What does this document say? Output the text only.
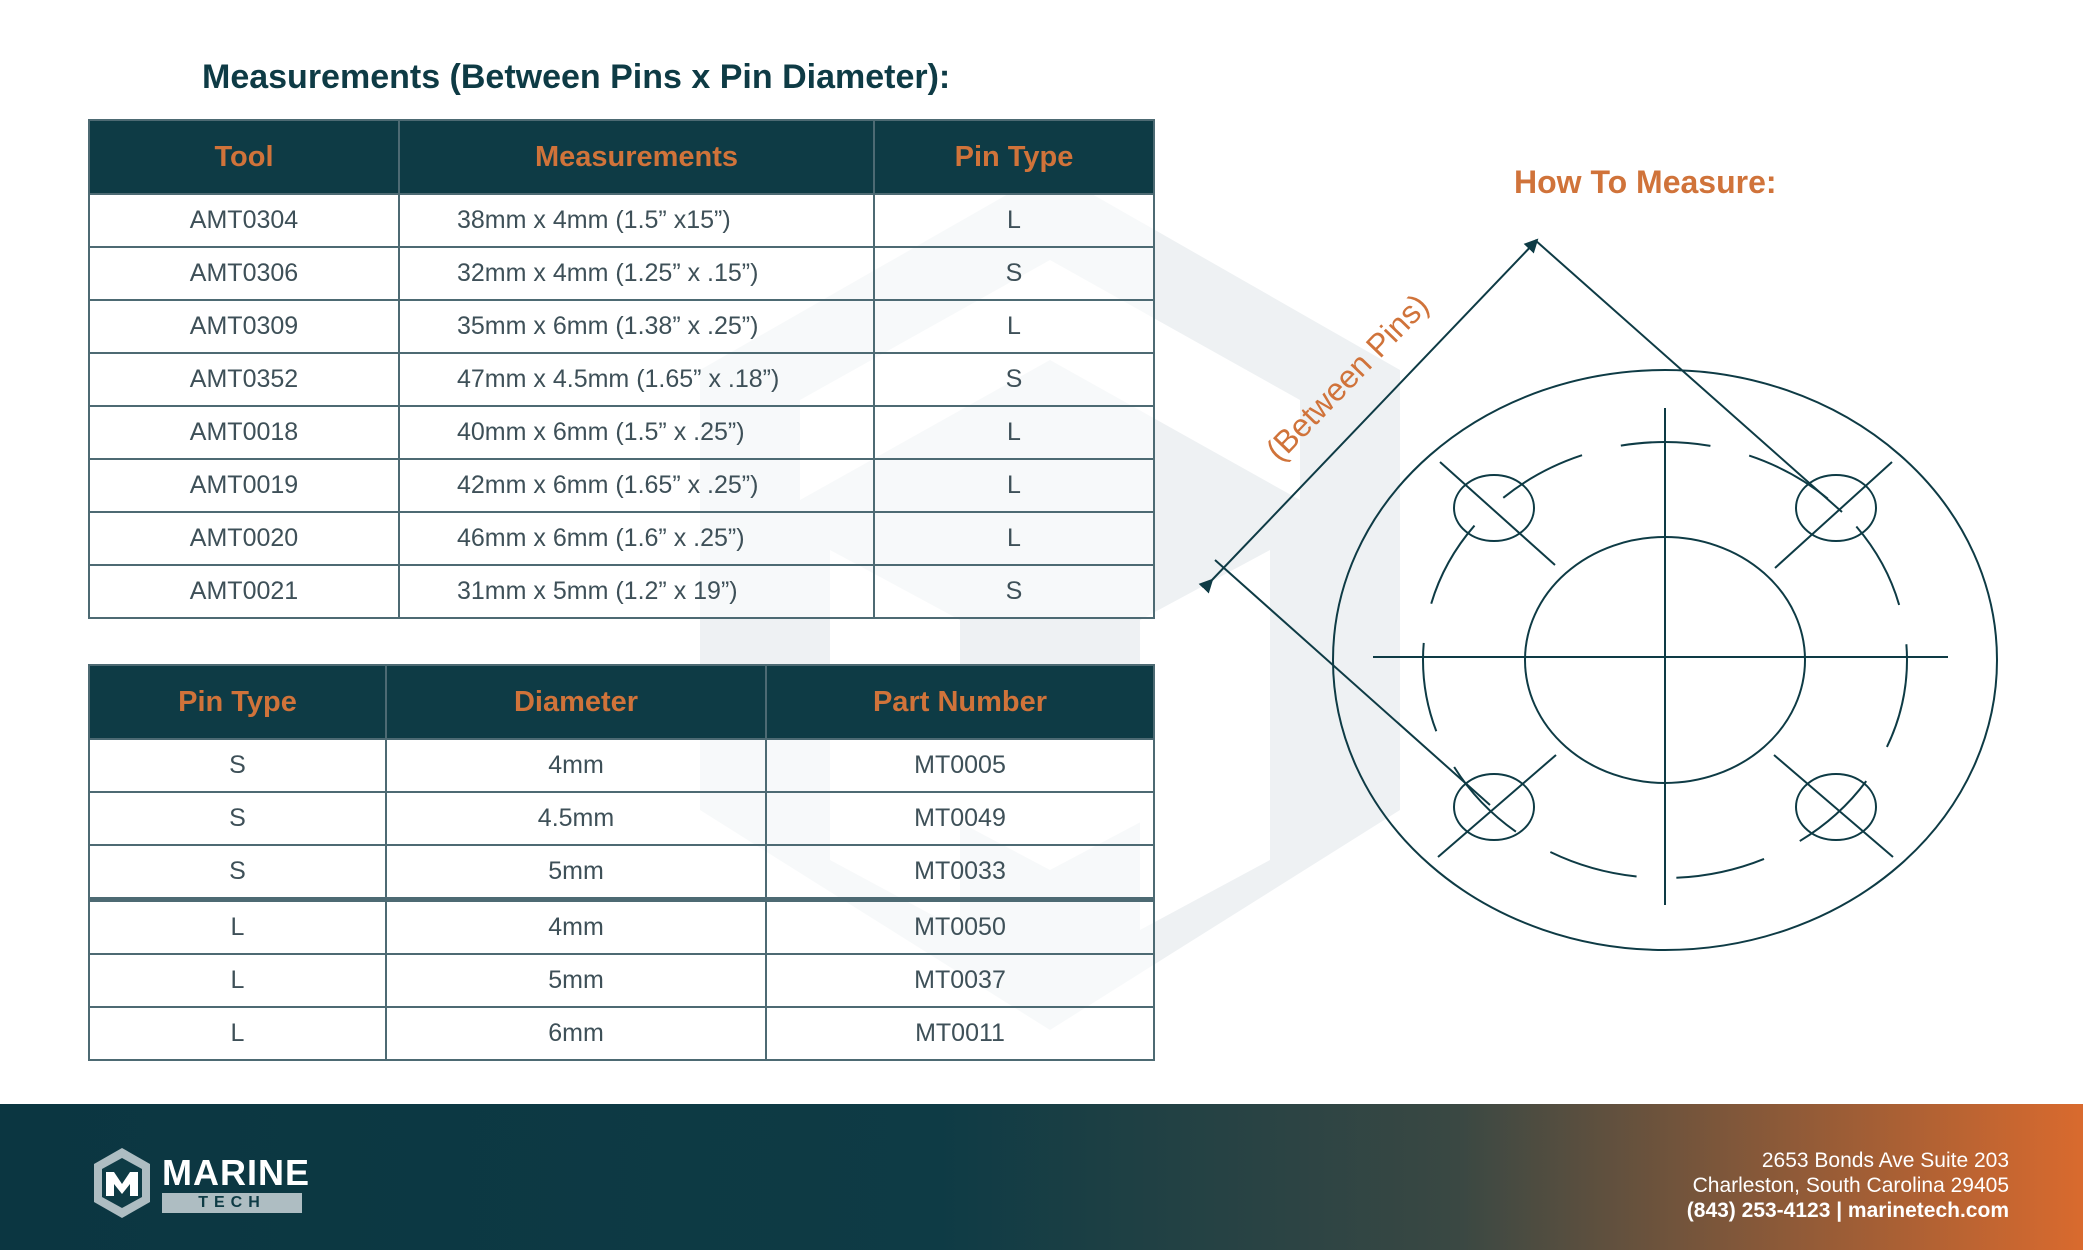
Measurements (Between Pins x Pin Diameter):
Tool	Measurements	Pin Type
AMT0304	38mm x 4mm (1.5” x15”)	L
AMT0306	32mm x 4mm (1.25” x .15”)	S
AMT0309	35mm x 6mm (1.38” x .25”)	L
AMT0352	47mm x 4.5mm (1.65” x .18”)	S
AMT0018	40mm x 6mm (1.5” x .25”)	L
AMT0019	42mm x 6mm (1.65” x .25”)	L
AMT0020	46mm x 6mm (1.6” x .25”)	L
AMT0021	31mm x 5mm (1.2” x 19”)	S
Pin Type	Diameter	Part Number
S	4mm	MT0005
S	4.5mm	MT0049
S	5mm	MT0033
L	4mm	MT0050
L	5mm	MT0037
L	6mm	MT0011
How To Measure:
(Between Pins)
MARINE
TECH
2653 Bonds Ave Suite 203
Charleston, South Carolina 29405
(843) 253-4123 | marinetech.com
